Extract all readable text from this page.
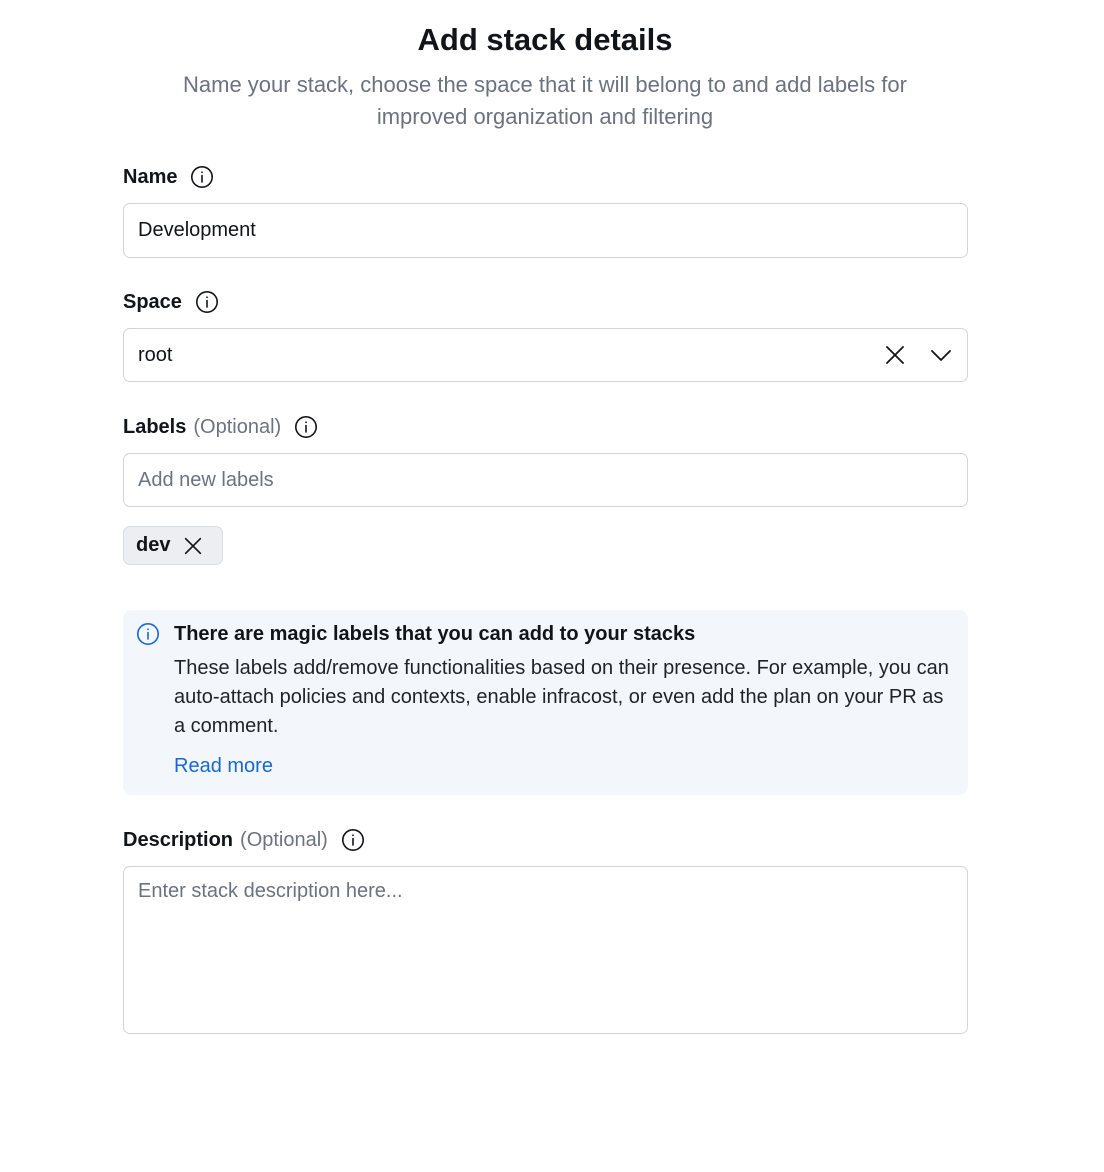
Add stack details

Name your stack, choose the space that it will belong to and add labels for improved organization and filtering

Name
Development
Space
root
Labels (Optional)
Add new labels
dev
There are magic labels that you can add to your stacks
These labels add/remove functionalities based on their presence. For example, you can auto-attach policies and contexts, enable infracost, or even add the plan on your PR as a comment.
Read more
Description (Optional)
Enter stack description here...
